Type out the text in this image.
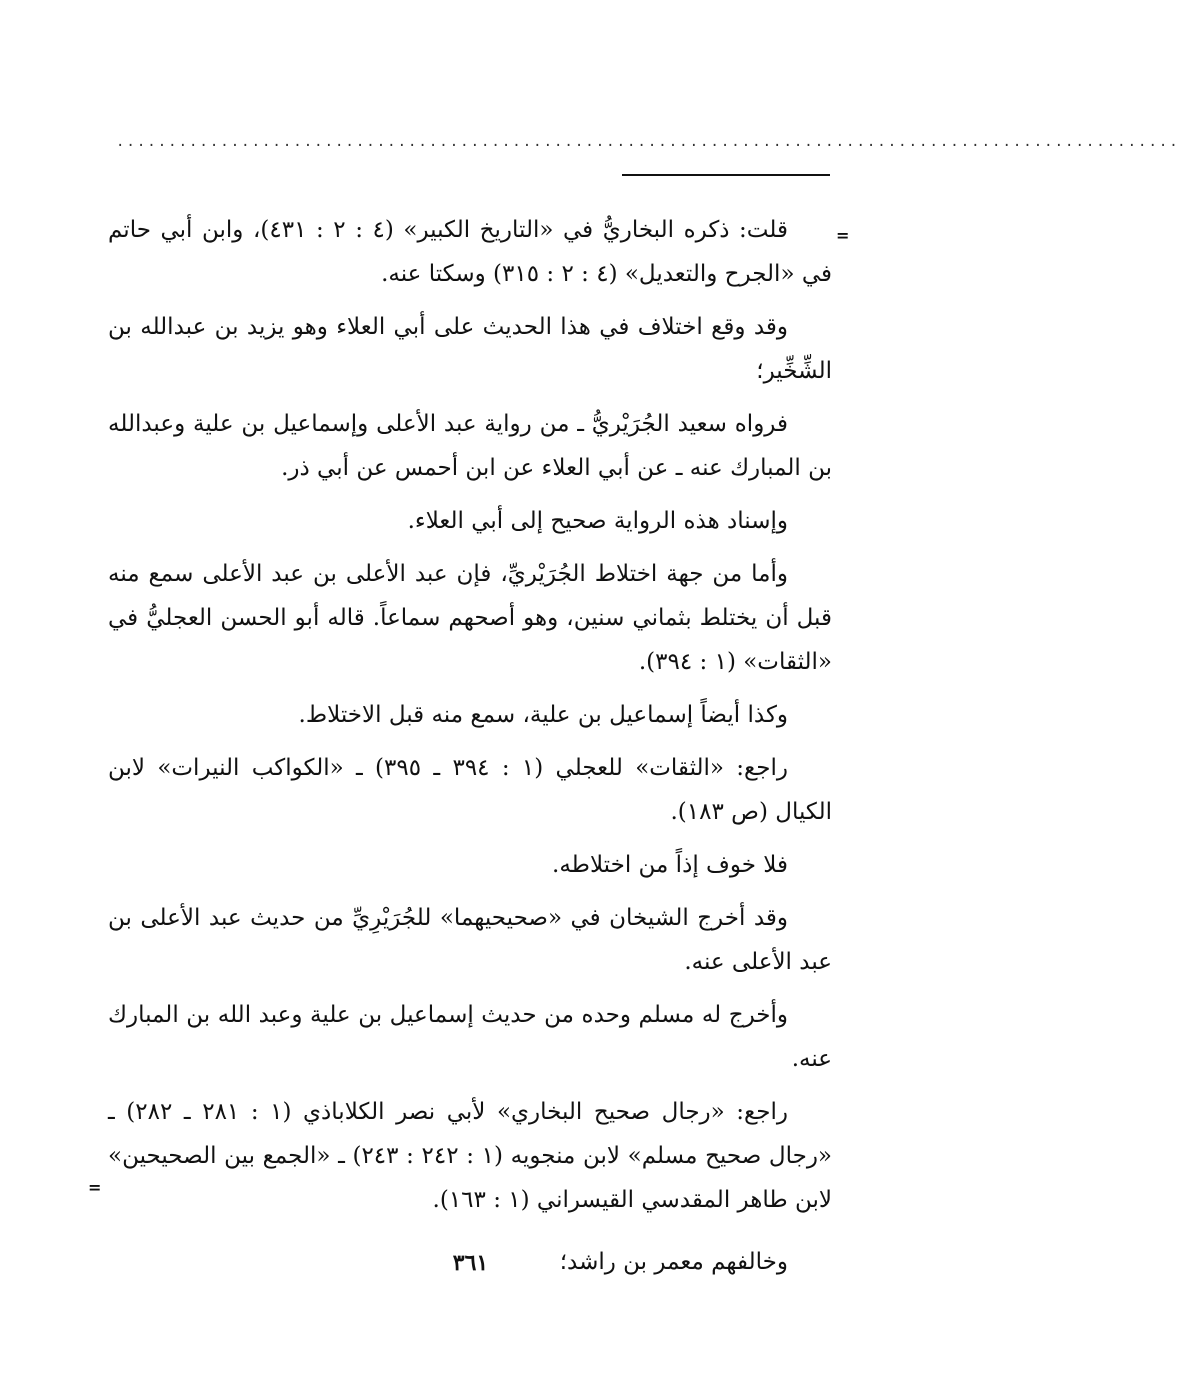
......................................................................................................
=

قلت: ذكره البخاريُّ في «التاريخ الكبير» (٤ : ٢ : ٤٣١)، وابن أبي حاتم في «الجرح والتعديل» (٤ : ٢ : ٣١٥) وسكتا عنه.

وقد وقع اختلاف في هذا الحديث على أبي العلاء وهو يزيد بن عبدالله بن الشِّخِّير؛

فرواه سعيد الجُرَيْريُّ ـ من رواية عبد الأعلى وإسماعيل بن علية وعبدالله بن المبارك عنه ـ عن أبي العلاء عن ابن أحمس عن أبي ذر.

وإسناد هذه الرواية صحيح إلى أبي العلاء.

وأما من جهة اختلاط الجُرَيْريِّ، فإن عبد الأعلى بن عبد الأعلى سمع منه قبل أن يختلط بثماني سنين، وهو أصحهم سماعاً. قاله أبو الحسن العجليُّ في «الثقات» (١ : ٣٩٤).

وكذا أيضاً إسماعيل بن علية، سمع منه قبل الاختلاط.

راجع: «الثقات» للعجلي (١ : ٣٩٤ ـ ٣٩٥) ـ «الكواكب النيرات» لابن الكيال (ص ١٨٣).

فلا خوف إذاً من اختلاطه.

وقد أخرج الشيخان في «صحيحيهما» للجُرَيْرِيِّ من حديث عبد الأعلى بن عبد الأعلى عنه.

وأخرج له مسلم وحده من حديث إسماعيل بن علية وعبد الله بن المبارك عنه.

راجع: «رجال صحيح البخاري» لأبي نصر الكلاباذي (١ : ٢٨١ ـ ٢٨٢) ـ «رجال صحيح مسلم» لابن منجويه (١ : ٢٤٢ : ٢٤٣) ـ «الجمع بين الصحيحين» لابن طاهر المقدسي القيسراني (١ : ١٦٣).

وخالفهم معمر بن راشد؛

=
٣٦١
